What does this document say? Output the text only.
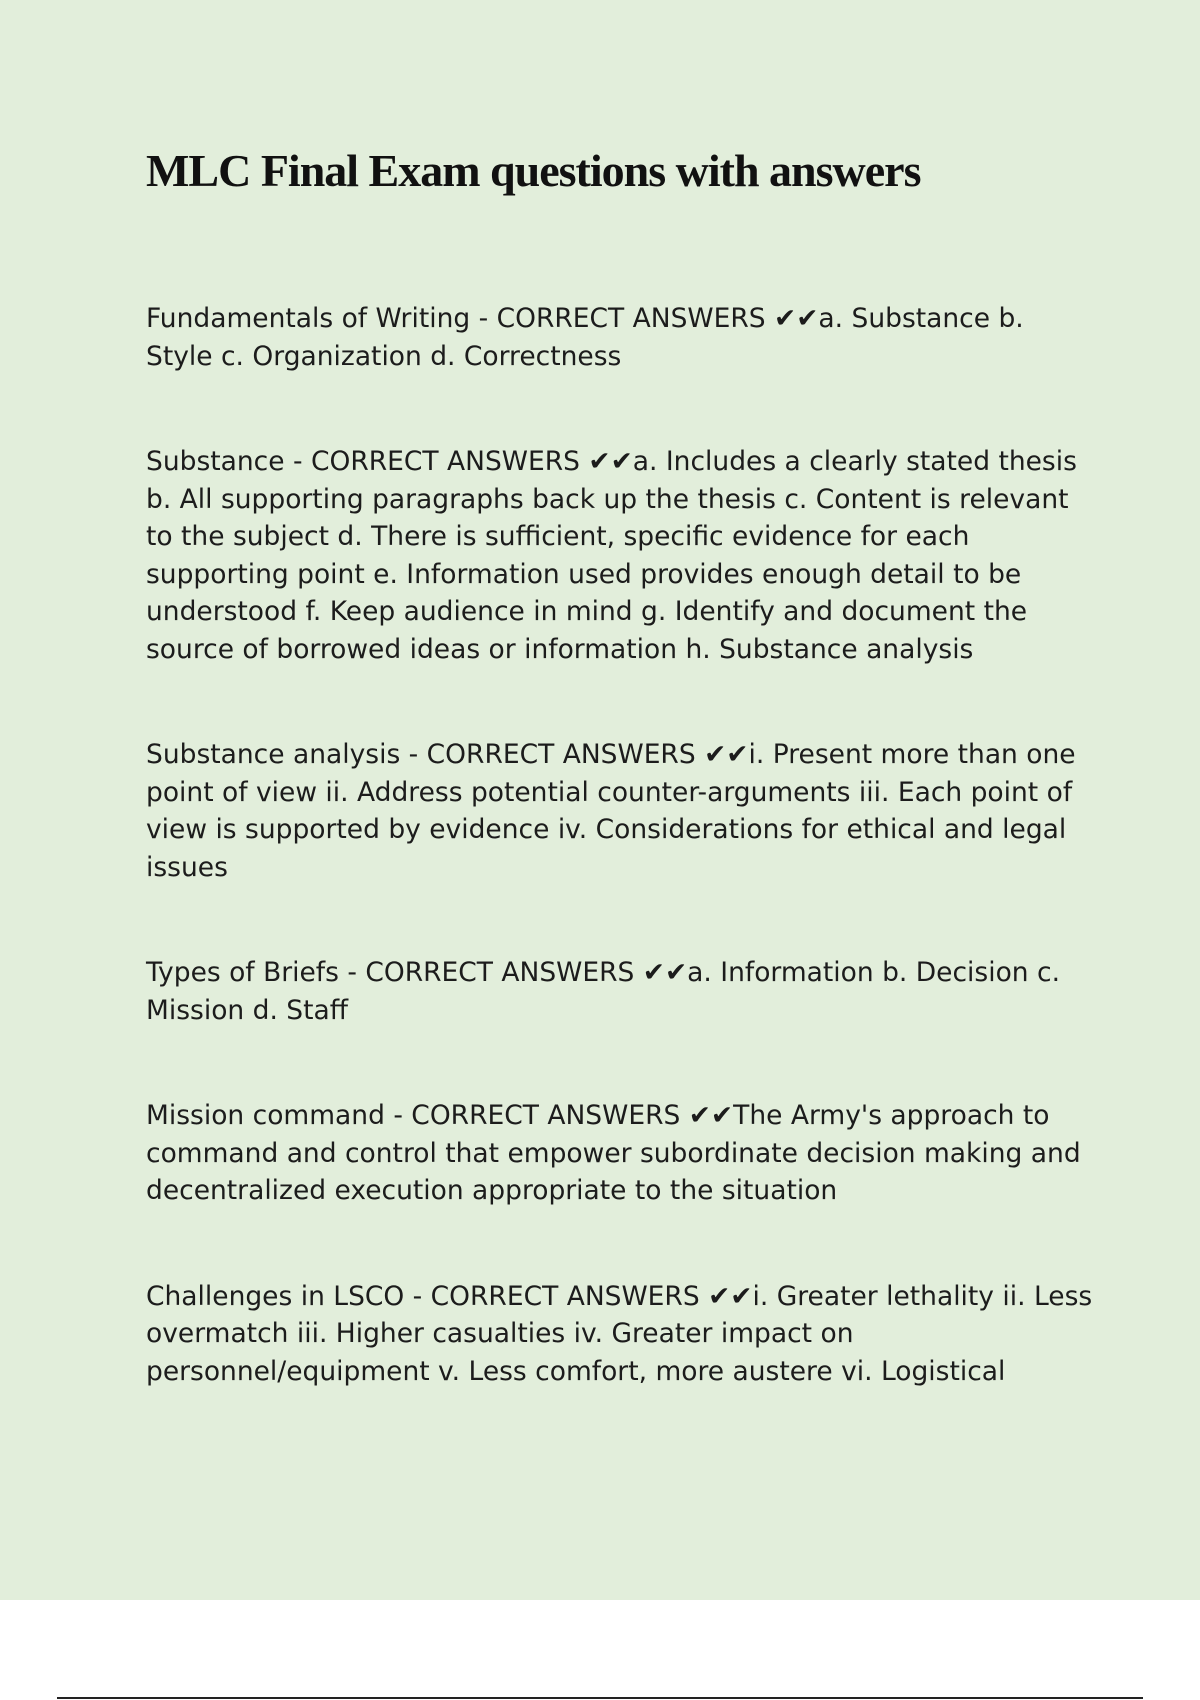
MLC Final Exam questions with answers

Fundamentals of Writing - CORRECT ANSWERS ✔✔a. Substance b. Style c. Organization d. Correctness

Substance - CORRECT ANSWERS ✔✔a. Includes a clearly stated thesis b. All supporting paragraphs back up the thesis c. Content is relevant to the subject d. There is sufficient, specific evidence for each supporting point e. Information used provides enough detail to be understood f. Keep audience in mind g. Identify and document the source of borrowed ideas or information h. Substance analysis

Substance analysis - CORRECT ANSWERS ✔✔i. Present more than one point of view ii. Address potential counter-arguments iii. Each point of view is supported by evidence iv. Considerations for ethical and legal issues

Types of Briefs - CORRECT ANSWERS ✔✔a. Information b. Decision c. Mission d. Staff

Mission command - CORRECT ANSWERS ✔✔The Army's approach to command and control that empower subordinate decision making and decentralized execution appropriate to the situation

Challenges in LSCO - CORRECT ANSWERS ✔✔i. Greater lethality ii. Less overmatch iii. Higher casualties iv. Greater impact on personnel/equipment v. Less comfort, more austere vi. Logistical
